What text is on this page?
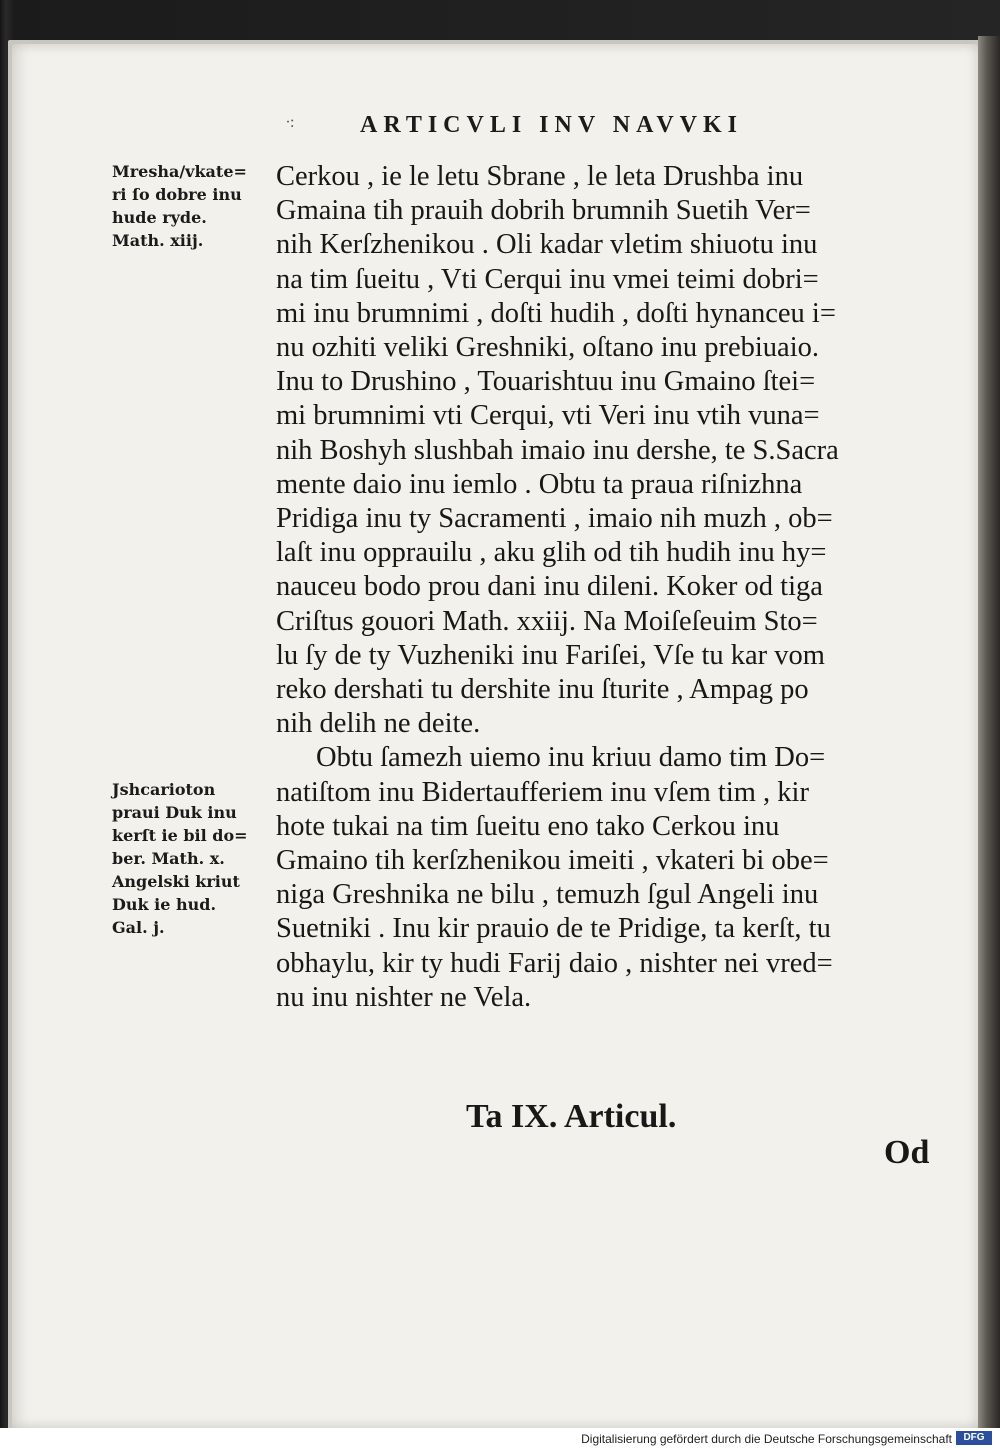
∙:	ARTICVLI INV NAVVKI
Mresha/vkate=
ri ſo dobre inu
hude ryde.
Math. xiij.
Jshcarioton
praui Duk inu
kerſt ie bil do=
ber. Math. x.
Angelski kriut
Duk ie hud.
Gal. j.
Cerkou , ie le letu Sbrane , le leta Drushba inu
Gmaina tih prauih dobrih brumnih Suetih Ver=
nih Kerſzhenikou . Oli kadar vletim shiuotu inu
na tim ſueitu , Vti Cerqui inu vmei teimi dobri=
mi inu brumnimi , doſti hudih , doſti hynanceu i=
nu ozhiti veliki Greshniki, oſtano inu prebiuaio.
Inu to Drushino , Touarishtuu inu Gmaino ſtei=
mi brumnimi vti Cerqui, vti Veri inu vtih vuna=
nih Boshyh slushbah imaio inu dershe, te S.Sacra
mente daio inu iemlo . Obtu ta praua riſnizhna
Pridiga inu ty Sacramenti , imaio nih muzh , ob=
laſt inu opprauilu , aku glih od tih hudih inu hy=
nauceu bodo prou dani inu dileni. Koker od tiga
Criſtus gouori Math. xxiij. Na Moiſeſeuim Sto=
lu ſy de ty Vuzheniki inu Fariſei, Vſe tu kar vom
reko dershati tu dershite inu ſturite , Ampag po
nih delih ne deite.
Obtu ſamezh uiemo inu kriuu damo tim Do=
natiſtom inu Bidertaufferiem inu vſem tim , kir
hote tukai na tim ſueitu eno tako Cerkou inu
Gmaino tih kerſzhenikou imeiti , vkateri bi obe=
niga Greshnika ne bilu , temuzh ſgul Angeli inu
Suetniki . Inu kir prauio de te Pridige, ta kerſt, tu
obhaylu, kir ty hudi Farij daio , nishter nei vred=
nu inu nishter ne Vela.
Ta IX. Articul.
Od
Digitalisierung gefördert durch die Deutsche Forschungsgemeinschaft	DFG
